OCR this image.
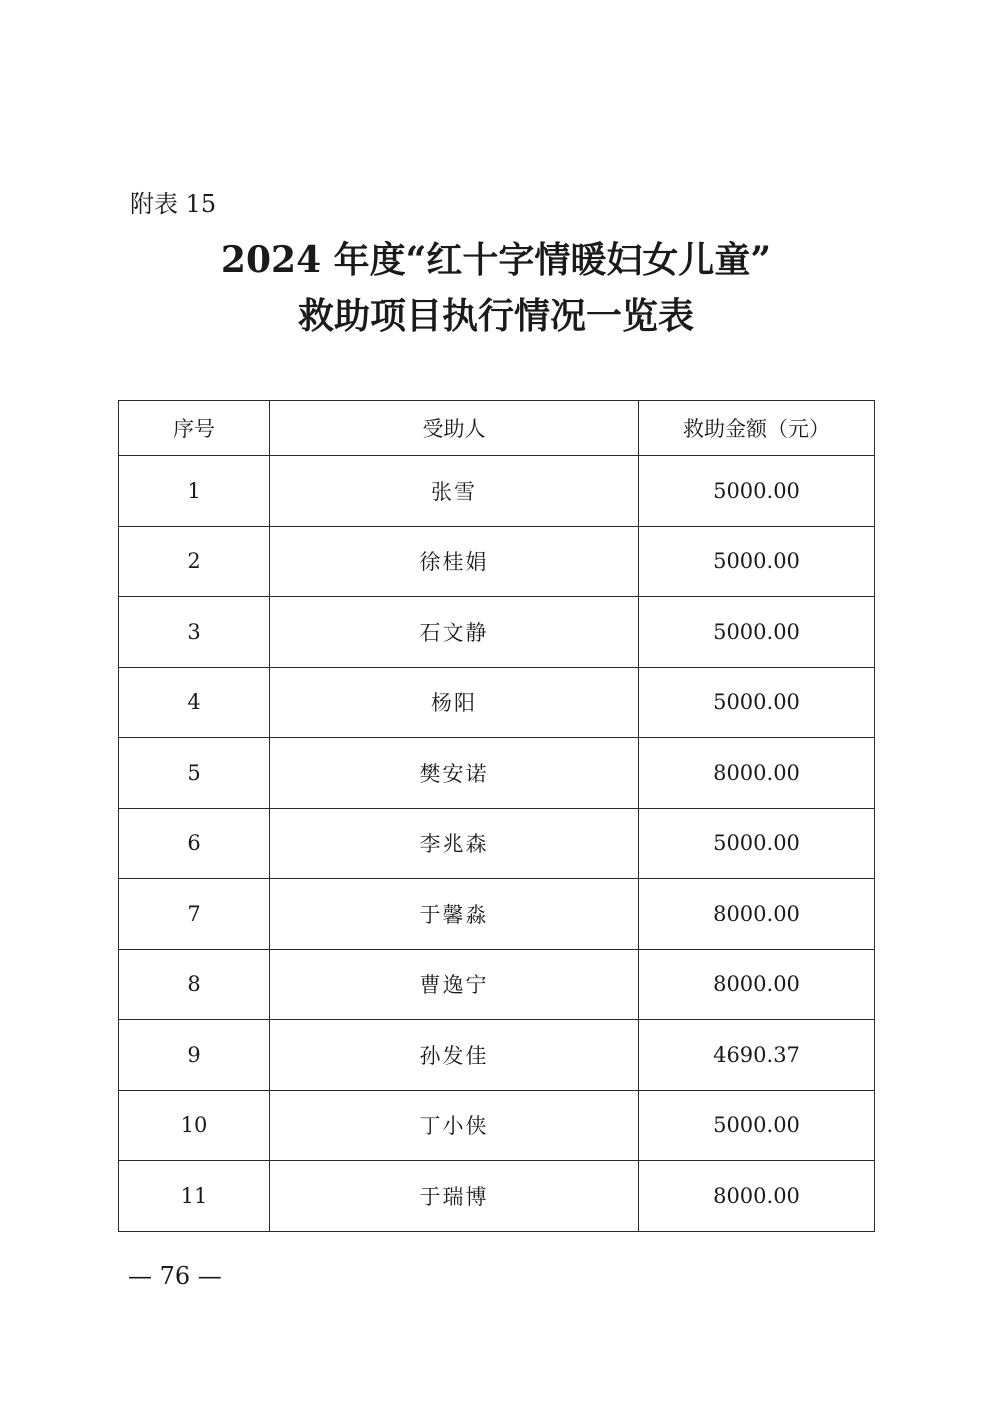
附表 15
2024 年度“红十字情暖妇女儿童”
救助项目执行情况一览表
序号	受助人	救助金额（元）
1	张雪	5000.00
2	徐桂娟	5000.00
3	石文静	5000.00
4	杨阳	5000.00
5	樊安诺	8000.00
6	李兆森	5000.00
7	于馨淼	8000.00
8	曹逸宁	8000.00
9	孙发佳	4690.37
10	丁小侠	5000.00
11	于瑞博	8000.00
— 76 —
